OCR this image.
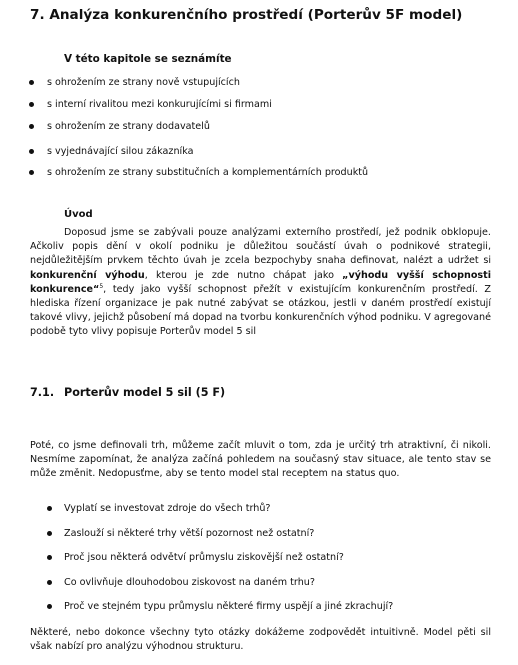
7. Analýza konkurenčního prostředí (Porterův 5F model)

V této kapitole se seznámíte

s ohrožením ze strany nově vstupujících
s interní rivalitou mezi konkurujícími si firmami
s ohrožením ze strany dodavatelů
s vyjednávající silou zákazníka
s ohrožením ze strany substitučních a komplementárních produktů

Úvod

Doposud jsme se zabývali pouze analýzami externího prostředí, jež podnik obklopuje. Ačkoliv popis dění v okolí podniku je důležitou součástí úvah o podnikové strategii, nejdůležitějším prvkem těchto úvah je zcela bezpochyby snaha definovat, nalézt a udržet si konkurenční výhodu, kterou je zde nutno chápat jako „výhodu vyšší schopnosti konkurence“$^5$, tedy jako vyšší schopnost přežít v existujícím konkurenčním prostředí. Z hlediska řízení organizace je pak nutné zabývat se otázkou, jestli v daném prostředí existují takové vlivy, jejichž působení má dopad na tvorbu konkurenčních výhod podniku. V agregované podobě tyto vlivy popisuje Porterův model 5 sil

7.1. Porterův model 5 sil (5 F)

Poté, co jsme definovali trh, můžeme začít mluvit o tom, zda je určitý trh atraktivní, či nikoli. Nesmíme zapomínat, že analýza začíná pohledem na současný stav situace, ale tento stav se může změnit. Nedopusťme, aby se tento model stal receptem na status quo.

Vyplatí se investovat zdroje do všech trhů?
Zaslouží si některé trhy větší pozornost než ostatní?
Proč jsou některá odvětví průmyslu ziskovější než ostatní?
Co ovlivňuje dlouhodobou ziskovost na daném trhu?
Proč ve stejném typu průmyslu některé firmy uspějí a jiné zkrachují?

Některé, nebo dokonce všechny tyto otázky dokážeme zodpovědět intuitivně. Model pěti sil však nabízí pro analýzu výhodnou strukturu.
